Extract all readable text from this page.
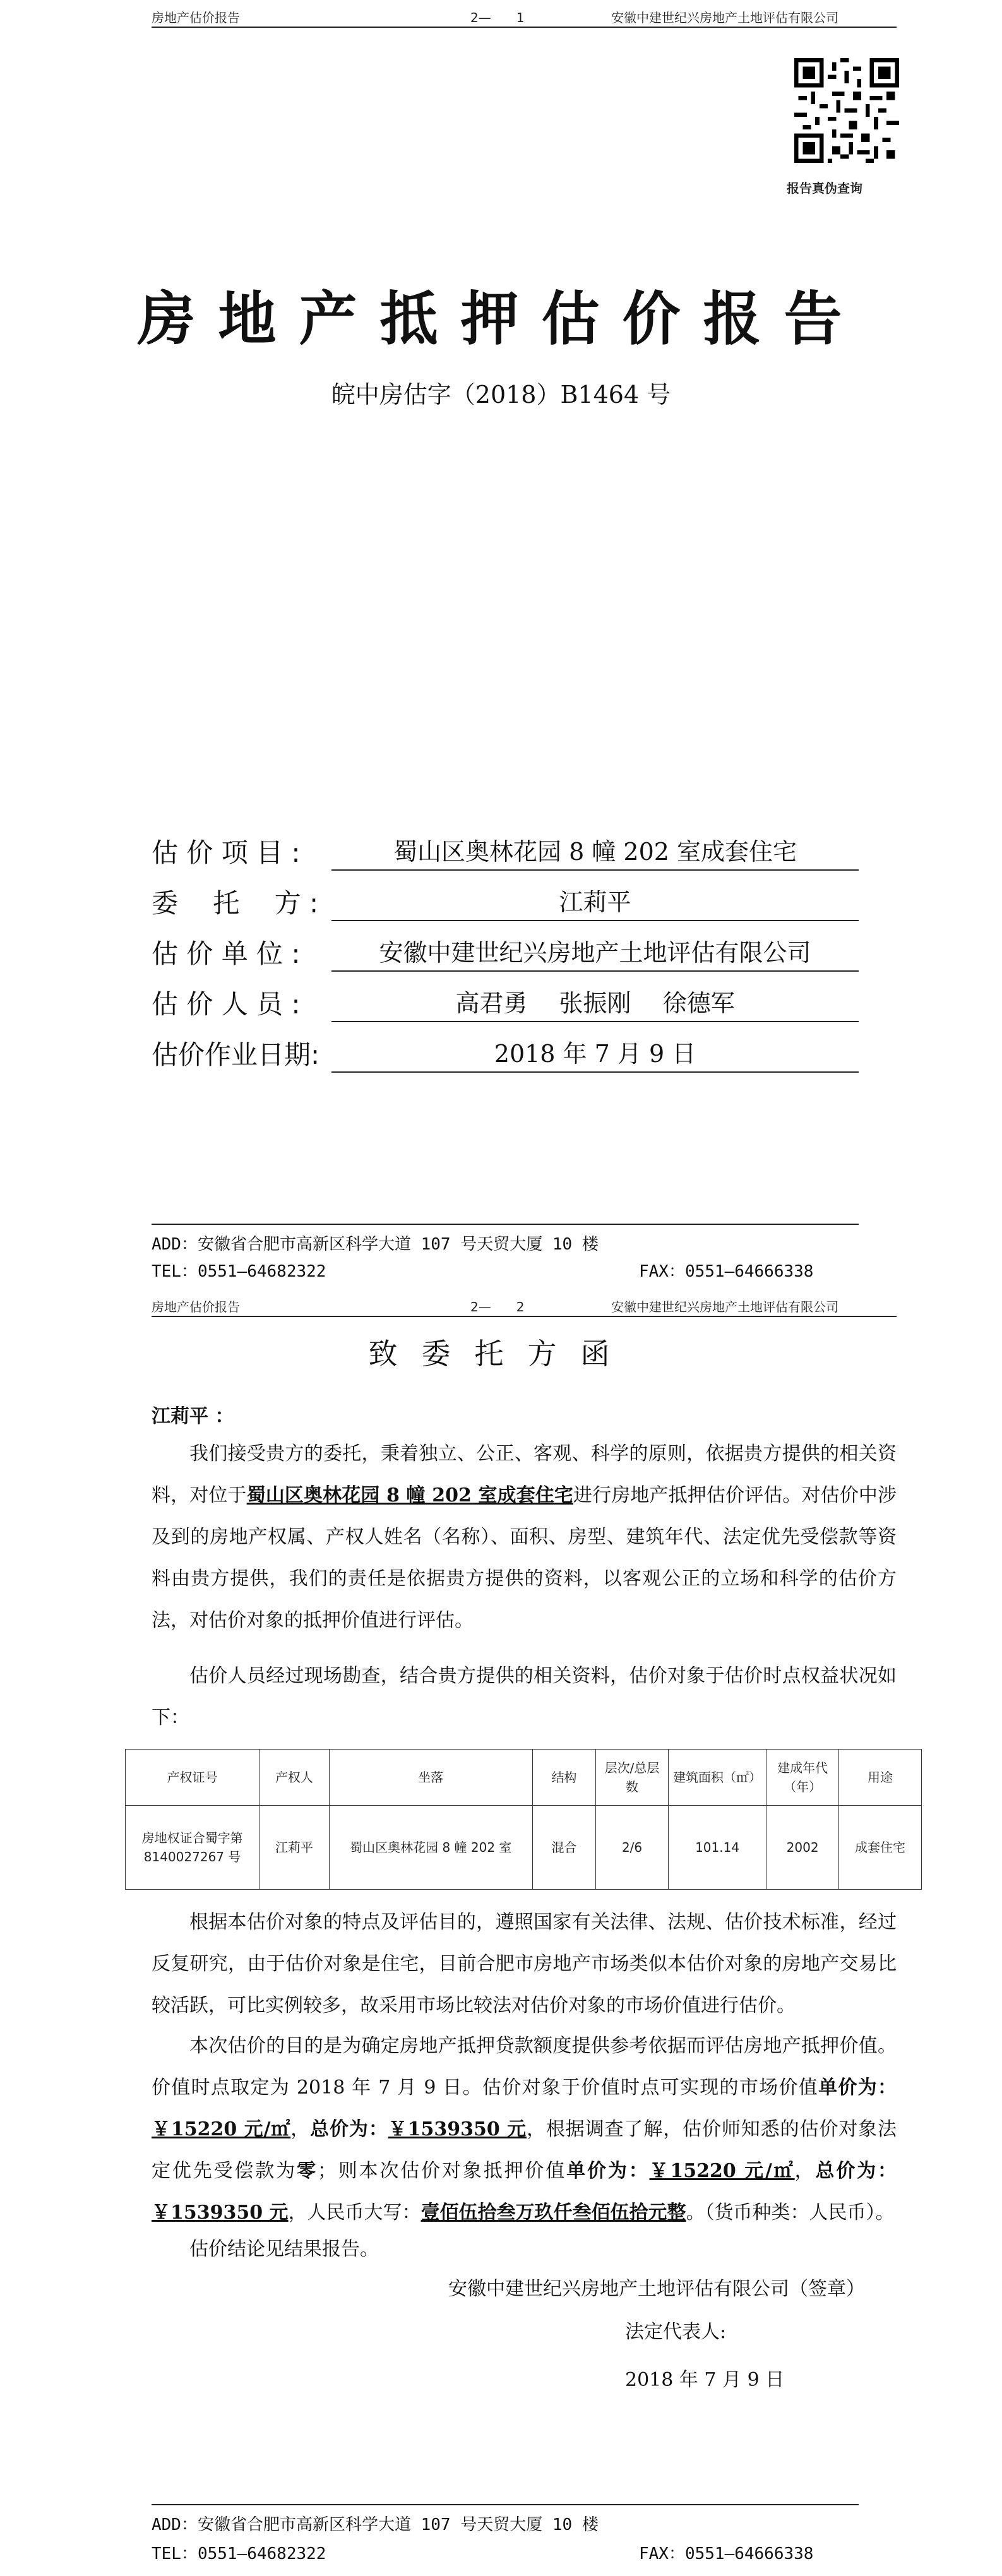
房地产估价报告	2—　　1	安徽中建世纪兴房地产土地评估有限公司
报告真伪查询
房地产抵押估价报告
皖中房估字（2018）B1464 号
估 价 项 目 :	蜀山区奥林花园 8 幢 202 室成套住宅
委　 托　 方 :	江莉平
估 价 单 位 :	安徽中建世纪兴房地产土地评估有限公司
估 价 人 员 :	高君勇　 张振刚　 徐德军
估价作业日期:	2018 年 7 月 9 日
ADD：安徽省合肥市高新区科学大道 107 号天贸大厦 10 楼
TEL：0551—64682322	FAX：0551—64666338
房地产估价报告	2—　　2	安徽中建世纪兴房地产土地评估有限公司
致委托方函
江莉平 ：
我们接受贵方的委托，秉着独立、公正、客观、科学的原则，依据贵方提供的相关资料，对位于蜀山区奥林花园 8 幢 202 室成套住宅进行房地产抵押估价评估。对估价中涉及到的房地产权属、产权人姓名（名称）、面积、房型、建筑年代、法定优先受偿款等资料由贵方提供，我们的责任是依据贵方提供的资料，以客观公正的立场和科学的估价方法，对估价对象的抵押价值进行评估。
估价人员经过现场勘查，结合贵方提供的相关资料，估价对象于估价时点权益状况如下：
产权证号	产权人	坐落	结构	层次/总层数	建筑面积（㎡）	建成年代（年）	用途
房地权证合蜀字第8140027267 号	江莉平	蜀山区奥林花园 8 幢 202 室	混合	2/6	101.14	2002	成套住宅
根据本估价对象的特点及评估目的，遵照国家有关法律、法规、估价技术标准，经过反复研究，由于估价对象是住宅，目前合肥市房地产市场类似本估价对象的房地产交易比较活跃，可比实例较多，故采用市场比较法对估价对象的市场价值进行估价。
本次估价的目的是为确定房地产抵押贷款额度提供参考依据而评估房地产抵押价值。价值时点取定为 2018 年 7 月 9 日。估价对象于价值时点可实现的市场价值单价为：￥15220 元/㎡，总价为：￥1539350 元，根据调查了解，估价师知悉的估价对象法定优先受偿款为零；则本次估价对象抵押价值单价为：￥15220 元/㎡，总价为：￥1539350 元，人民币大写：壹佰伍拾叁万玖仟叁佰伍拾元整。（货币种类：人民币）。
估价结论见结果报告。
安徽中建世纪兴房地产土地评估有限公司（签章）
法定代表人:
2018 年 7 月 9 日
ADD：安徽省合肥市高新区科学大道 107 号天贸大厦 10 楼
TEL：0551—64682322	FAX：0551—64666338
